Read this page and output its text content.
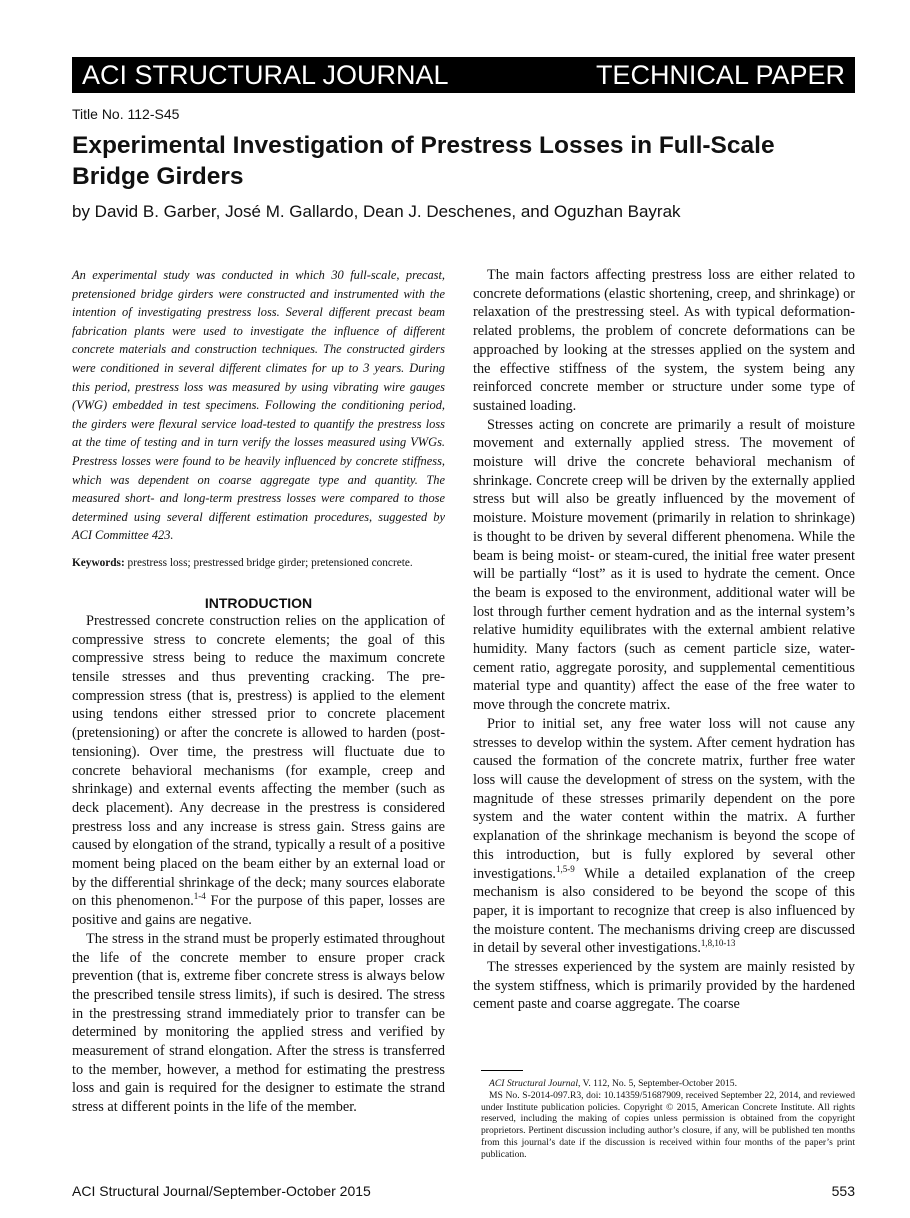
ACI STRUCTURAL JOURNAL	TECHNICAL PAPER
Title No. 112-S45
Experimental Investigation of Prestress Losses in Full-Scale Bridge Girders
by David B. Garber, José M. Gallardo, Dean J. Deschenes, and Oguzhan Bayrak

An experimental study was conducted in which 30 full-scale, precast, pretensioned bridge girders were constructed and instrumented with the intention of investigating prestress loss. Several different precast beam fabrication plants were used to investigate the influence of different concrete materials and construction techniques. The constructed girders were conditioned in several different climates for up to 3 years. During this period, prestress loss was measured by using vibrating wire gauges (VWG) embedded in test specimens. Following the conditioning period, the girders were flexural service load-tested to quantify the prestress loss at the time of testing and in turn verify the losses measured using VWGs. Prestress losses were found to be heavily influenced by concrete stiffness, which was dependent on coarse aggregate type and quantity. The measured short- and long-term prestress losses were compared to those determined using several different estimation procedures, suggested by ACI Committee 423.

Keywords: prestress loss; prestressed bridge girder; pretensioned concrete.

INTRODUCTION

Prestressed concrete construction relies on the application of compressive stress to concrete elements; the goal of this compressive stress being to reduce the maximum concrete tensile stresses and thus preventing cracking. The pre-compression stress (that is, prestress) is applied to the element using tendons either stressed prior to concrete placement (pretensioning) or after the concrete is allowed to harden (post-tensioning). Over time, the prestress will fluctuate due to concrete behavioral mechanisms (for example, creep and shrinkage) and external events affecting the member (such as deck placement). Any decrease in the prestress is considered prestress loss and any increase is stress gain. Stress gains are caused by elongation of the strand, typically a result of a positive moment being placed on the beam either by an external load or by the differential shrinkage of the deck; many sources elaborate on this phenomenon.$^{1-4}$ For the purpose of this paper, losses are positive and gains are negative.

The stress in the strand must be properly estimated throughout the life of the concrete member to ensure proper crack prevention (that is, extreme fiber concrete stress is always below the prescribed tensile stress limits), if such is desired. The stress in the prestressing strand immediately prior to transfer can be determined by monitoring the applied stress and verified by measurement of strand elongation. After the stress is transferred to the member, however, a method for estimating the prestress loss and gain is required for the designer to estimate the strand stress at different points in the life of the member.

The main factors affecting prestress loss are either related to concrete deformations (elastic shortening, creep, and shrinkage) or relaxation of the prestressing steel. As with typical deformation-related problems, the problem of concrete deformations can be approached by looking at the stresses applied on the system and the effective stiffness of the system, the system being any reinforced concrete member or structure under some type of sustained loading.

Stresses acting on concrete are primarily a result of moisture movement and externally applied stress. The movement of moisture will drive the concrete behavioral mechanism of shrinkage. Concrete creep will be driven by the externally applied stress but will also be greatly influenced by the movement of moisture. Moisture movement (primarily in relation to shrinkage) is thought to be driven by several different phenomena. While the beam is being moist- or steam-cured, the initial free water present will be partially “lost” as it is used to hydrate the cement. Once the beam is exposed to the environment, additional water will be lost through further cement hydration and as the internal system’s relative humidity equilibrates with the external ambient relative humidity. Many factors (such as cement particle size, water-cement ratio, aggregate porosity, and supplemental cementitious material type and quantity) affect the ease of the free water to move through the concrete matrix.

Prior to initial set, any free water loss will not cause any stresses to develop within the system. After cement hydration has caused the formation of the concrete matrix, further free water loss will cause the development of stress on the system, with the magnitude of these stresses primarily dependent on the pore system and the water content within the matrix. A further explanation of the shrinkage mechanism is beyond the scope of this introduction, but is fully explored by several other investigations.$^{1,5-9}$ While a detailed explanation of the creep mechanism is also considered to be beyond the scope of this paper, it is important to recognize that creep is also influenced by the moisture content. The mechanisms driving creep are discussed in detail by several other investigations.$^{1,8,10-13}$

The stresses experienced by the system are mainly resisted by the system stiffness, which is primarily provided by the hardened cement paste and coarse aggregate. The coarse

ACI Structural Journal, V. 112, No. 5, September-October 2015.

MS No. S-2014-097.R3, doi: 10.14359/51687909, received September 22, 2014, and reviewed under Institute publication policies. Copyright © 2015, American Concrete Institute. All rights reserved, including the making of copies unless permission is obtained from the copyright proprietors. Pertinent discussion including author’s closure, if any, will be published ten months from this journal’s date if the discussion is received within four months of the paper’s print publication.

ACI Structural Journal/September-October 2015	553
